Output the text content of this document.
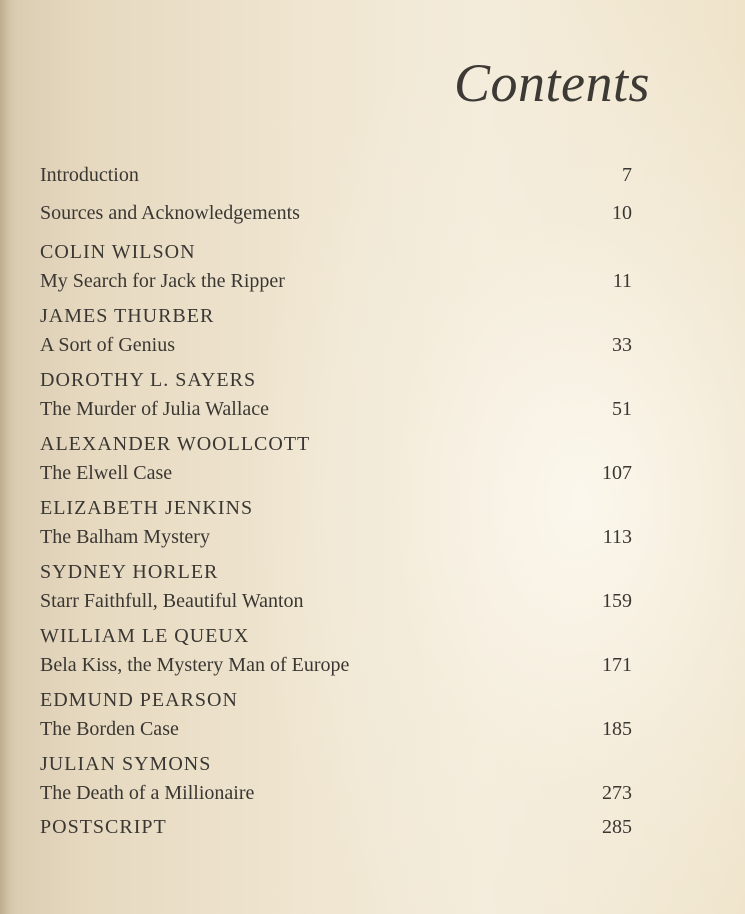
Contents
Introduction	7
Sources and Acknowledgements	10
COLIN WILSON
My Search for Jack the Ripper	11
JAMES THURBER
A Sort of Genius	33
DOROTHY L. SAYERS
The Murder of Julia Wallace	51
ALEXANDER WOOLLCOTT
The Elwell Case	107
ELIZABETH JENKINS
The Balham Mystery	113
SYDNEY HORLER
Starr Faithfull, Beautiful Wanton	159
WILLIAM LE QUEUX
Bela Kiss, the Mystery Man of Europe	171
EDMUND PEARSON
The Borden Case	185
JULIAN SYMONS
The Death of a Millionaire	273
POSTSCRIPT	285
